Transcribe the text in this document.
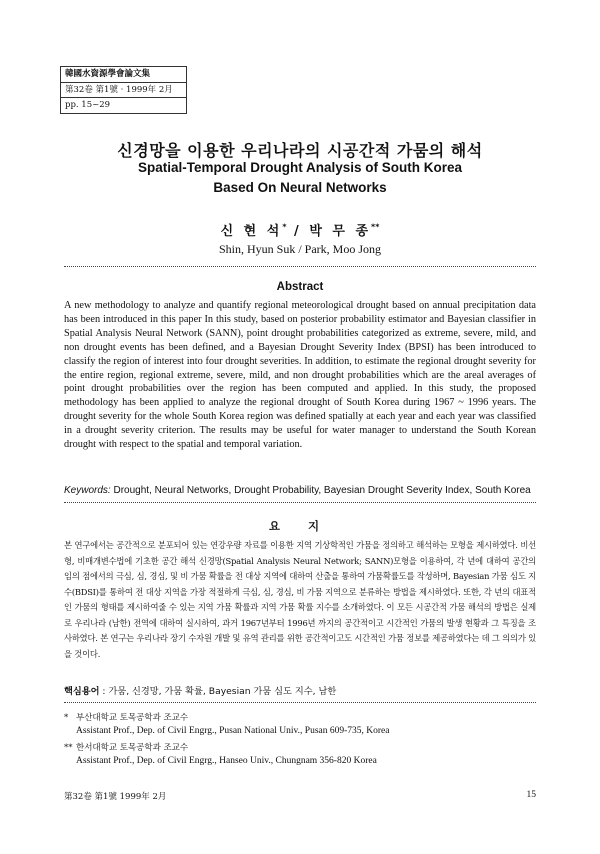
韓國水資源學會論文集
第32卷 第1號 · 1999年 2月
pp. 15~29
신경망을 이용한 우리나라의 시공간적 가뭄의 해석
Spatial-Temporal Drought Analysis of South Korea
Based On Neural Networks
신 현 석* / 박 무 종**
Shin, Hyun Suk / Park, Moo Jong
Abstract

A new methodology to analyze and quantify regional meteorological drought based on annual precipitation data has been introduced in this paper In this study, based on posterior probability estimator and Bayesian classifier in Spatial Analysis Neural Network (SANN), point drought probabilities categorized as extreme, severe, mild, and non drought events has been defined, and a Bayesian Drought Severity Index (BPSI) has been introduced to classify the region of interest into four drought severities. In addition, to estimate the regional drought severity for the entire region, regional extreme, severe, mild, and non drought probabilities which are the areal averages of point drought probabilities over the region has been computed and applied. In this study, the proposed methodology has been applied to analyze the regional drought of South Korea during 1967 ~ 1996 years. The drought severity for the whole South Korea region was defined spatially at each year and each year was classified in a drought severity criterion. The results may be useful for water manager to understand the South Korean drought with respect to the spatial and temporal variation.

Keywords: Drought, Neural Networks, Drought Probability, Bayesian Drought Severity Index, South Korea
요 지

본 연구에서는 공간적으로 분포되어 있는 연강우량 자료를 이용한 지역 기상학적인 가뭄을 정의하고 해석하는 모형을 제시하였다. 비선형, 비매개변수법에 기초한 공간 해석 신경망(Spatial Analysis Neural Network; SANN)모형을 이용하여, 각 년에 대하여 공간의 임의 점에서의 극심, 심, 경심, 및 비 가뭄 확률을 전 대상 지역에 대하여 산출을 통하여 가뭄확률도를 작성하며, Bayesian 가뭄 심도 지수(BDSI)를 통하여 전 대상 지역을 가장 적절하게 극심, 심, 경심, 비 가뭄 지역으로 분류하는 방법을 제시하였다. 또한, 각 년의 대표적인 가뭄의 형태를 제시하여줄 수 있는 지역 가뭄 확률과 지역 가뭄 확률 지수를 소개하였다. 이 모든 시공간적 가뭄 해석의 방법은 실제로 우리나라 (남한) 전역에 대하여 실시하여, 과거 1967년부터 1996년 까지의 공간적이고 시간적인 가뭄의 발생 현황과 그 특징을 조사하였다. 본 연구는 우리나라 장기 수자원 개발 및 유역 관리를 위한 공간적이고도 시간적인 가뭄 정보를 제공하였다는 데 그 의의가 있을 것이다.

핵심용어 : 가뭄, 신경망, 가뭄 확률, Bayesian 가뭄 심도 지수, 남한
* 부산대학교 토목공학과 조교수
Assistant Prof., Dep. of Civil Engrg., Pusan National Univ., Pusan 609-735, Korea
** 한서대학교 토목공학과 조교수
Assistant Prof., Dep. of Civil Engrg., Hanseo Univ., Chungnam 356-820 Korea
第32卷 第1號 1999年 2月	15
